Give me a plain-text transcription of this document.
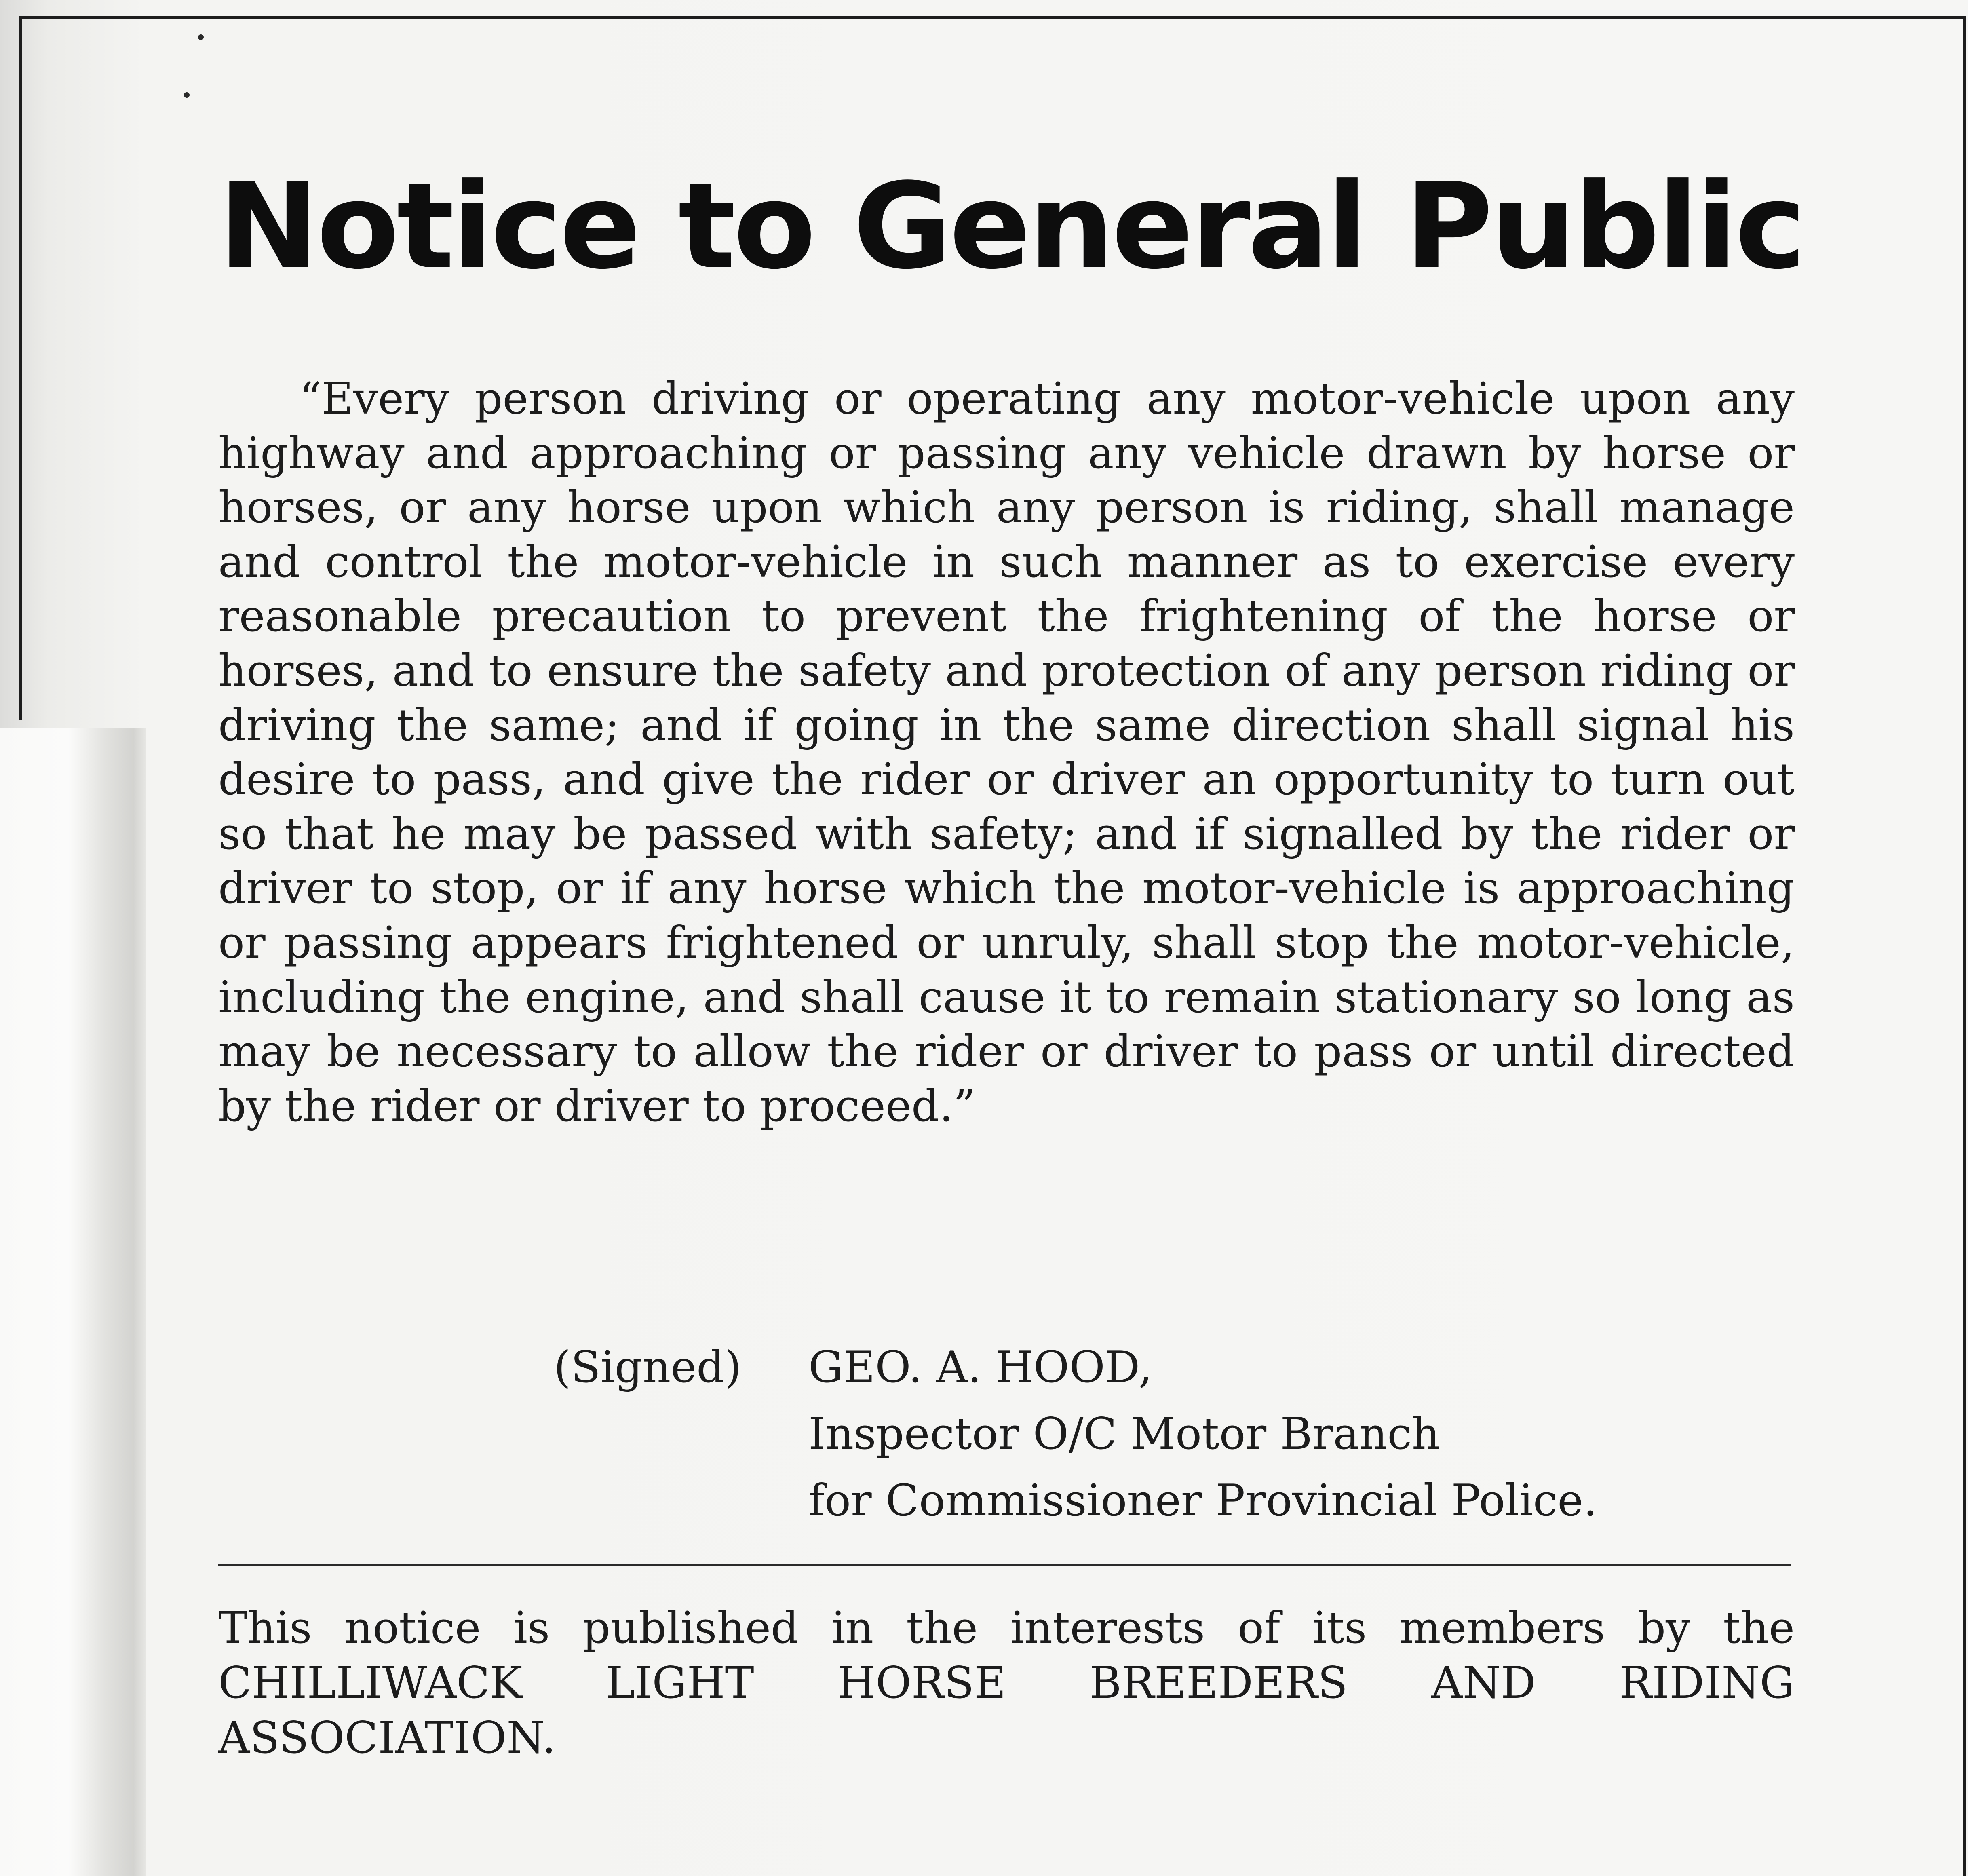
Notice to General Public

“Every person driving or operating any motor-vehicle upon any highway and approaching or passing any vehicle drawn by horse or horses, or any horse upon which any person is riding, shall manage and control the motor-vehicle in such manner as to exercise every reasonable precaution to prevent the frightening of the horse or horses, and to ensure the safety and protection of any person riding or driving the same; and if going in the same direction shall signal his desire to pass, and give the rider or driver an opportunity to turn out so that he may be passed with safety; and if signalled by the rider or driver to stop, or if any horse which the motor-vehicle is approaching or passing appears frightened or unruly, shall stop the motor-vehicle, including the engine, and shall cause it to remain stationary so long as may be necessary to allow the rider or driver to pass or until directed by the rider or driver to proceed.”

(Signed)	GEO. A. HOOD,
Inspector O/C Motor Branch
for Commissioner Provincial Police.

This notice is published in the interests of its members by the CHILLIWACK LIGHT HORSE BREEDERS AND RIDING ASSOCIATION.
